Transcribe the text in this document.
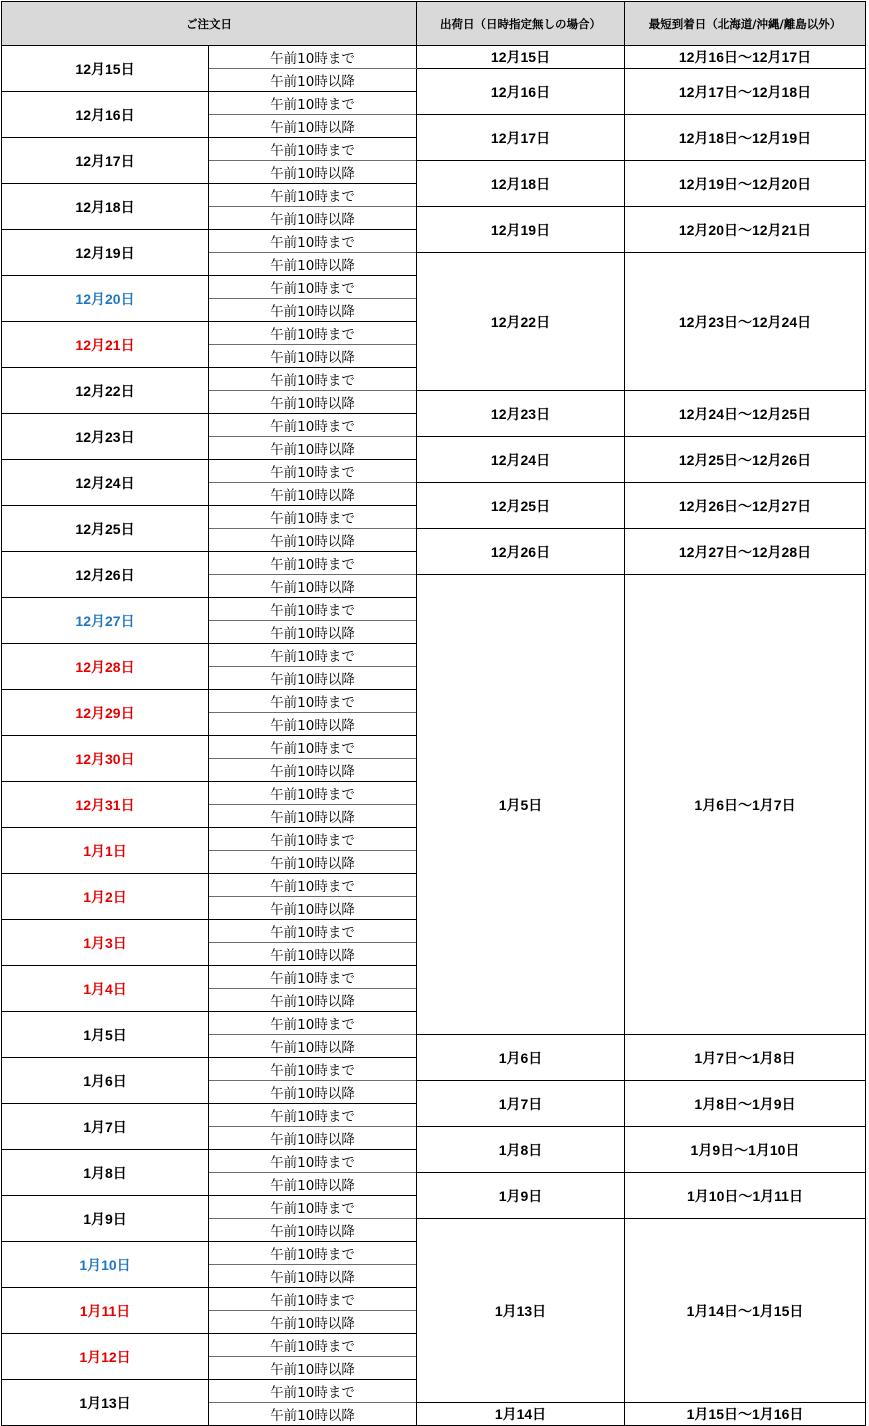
ご注文日		出荷日（日時指定無しの場合）	最短到着日（北海道/沖縄/離島以外）
12月15日	午前10時まで	12月15日	12月16日～12月17日
	午前10時以降	12月16日	12月17日～12月18日
12月16日	午前10時まで		
	午前10時以降	12月17日	12月18日～12月19日
12月17日	午前10時まで		
	午前10時以降	12月18日	12月19日～12月20日
12月18日	午前10時まで		
	午前10時以降	12月19日	12月20日～12月21日
12月19日	午前10時まで		
	午前10時以降	12月22日	12月23日～12月24日
12月20日	午前10時まで		
	午前10時以降		
12月21日	午前10時まで		
	午前10時以降		
12月22日	午前10時まで		
	午前10時以降	12月23日	12月24日～12月25日
12月23日	午前10時まで		
	午前10時以降	12月24日	12月25日～12月26日
12月24日	午前10時まで		
	午前10時以降	12月25日	12月26日～12月27日
12月25日	午前10時まで		
	午前10時以降	12月26日	12月27日～12月28日
12月26日	午前10時まで		
	午前10時以降	1月5日	1月6日～1月7日
12月27日	午前10時まで		
	午前10時以降		
12月28日	午前10時まで		
	午前10時以降		
12月29日	午前10時まで		
	午前10時以降		
12月30日	午前10時まで		
	午前10時以降		
12月31日	午前10時まで		
	午前10時以降		
1月1日	午前10時まで		
	午前10時以降		
1月2日	午前10時まで		
	午前10時以降		
1月3日	午前10時まで		
	午前10時以降		
1月4日	午前10時まで		
	午前10時以降		
1月5日	午前10時まで		
	午前10時以降	1月6日	1月7日～1月8日
1月6日	午前10時まで		
	午前10時以降	1月7日	1月8日～1月9日
1月7日	午前10時まで		
	午前10時以降	1月8日	1月9日～1月10日
1月8日	午前10時まで		
	午前10時以降	1月9日	1月10日～1月11日
1月9日	午前10時まで		
	午前10時以降	1月13日	1月14日～1月15日
1月10日	午前10時まで		
	午前10時以降		
1月11日	午前10時まで		
	午前10時以降		
1月12日	午前10時まで		
	午前10時以降		
1月13日	午前10時まで		
	午前10時以降	1月14日	1月15日～1月16日
